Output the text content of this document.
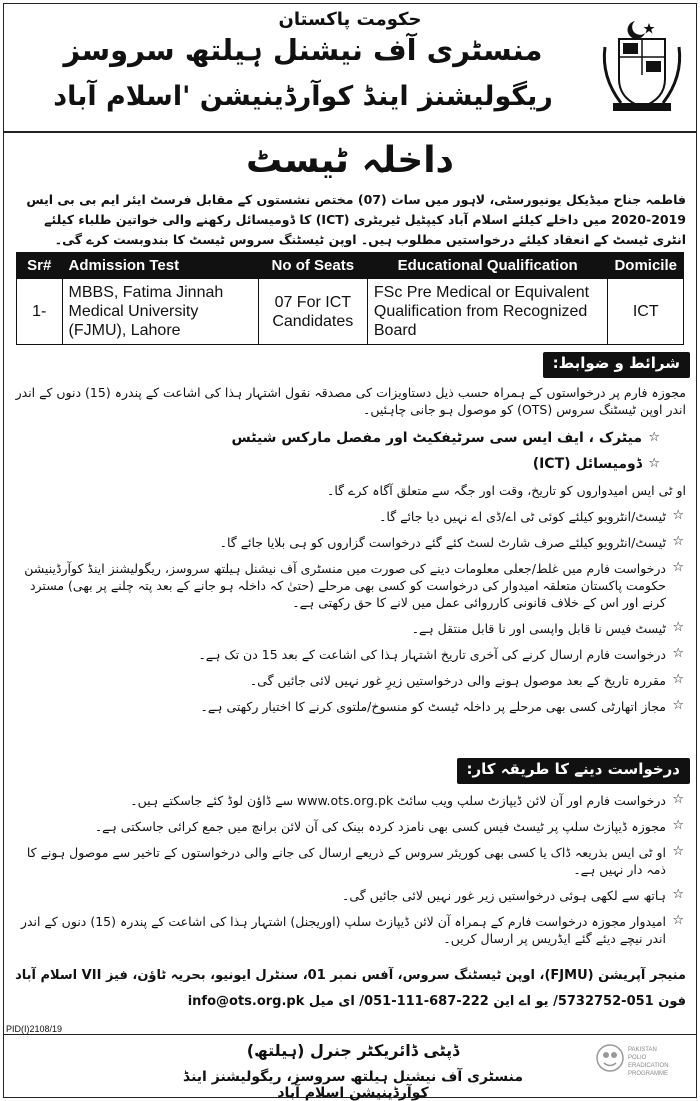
حکومت پاکستان
منسٹری آف نیشنل ہیلتھ سروسز
ریگولیشنز اینڈ کوآرڈینیشن 'اسلام آباد
داخلہ ٹیسٹ
فاطمہ جناح میڈیکل یونیورسٹی، لاہور میں سات (07) مختص نشستوں کے مقابل فرسٹ ایئر ایم بی بی ایس 2019-2020 میں داخلے کیلئے اسلام آباد کیپٹیل ٹیریٹری (ICT) کا ڈومیسائل رکھنے والی خواتین طلباء کیلئے انٹری ٹیسٹ کے انعقاد کیلئے درخواستیں مطلوب ہیں۔ اوپن ٹیسٹنگ سروس ٹیسٹ کا بندوبست کرے گی۔
Sr#	Admission Test	No of Seats	Educational Qualification	Domicile
1-	MBBS, Fatima Jinnah Medical University (FJMU), Lahore	07 For ICT Candidates	FSc Pre Medical or Equivalent Qualification from Recognized Board	ICT
شرائط و ضوابط:
مجوزہ فارم پر درخواستوں کے ہمراہ حسب ذیل دستاویزات کی مصدقہ نقول اشتہار ہذا کی اشاعت کے پندرہ (15) دنوں کے اندر اندر اوپن ٹیسٹنگ سروس (OTS) کو موصول ہو جانی چاہئیں۔
☆ میٹرک ، ایف ایس سی سرٹیفکیٹ اور مفصل مارکس شیٹس
☆ ڈومیسائل (ICT)
او ٹی ایس امیدواروں کو تاریخ، وقت اور جگہ سے متعلق آگاہ کرے گا۔
☆ ٹیسٹ/انٹرویو کیلئے کوئی ٹی اے/ڈی اے نہیں دیا جائے گا۔
☆ ٹیسٹ/انٹرویو کیلئے صرف شارٹ لسٹ کئے گئے درخواست گزاروں کو ہی بلایا جائے گا۔
☆ درخواست فارم میں غلط/جعلی معلومات دینے کی صورت میں منسٹری آف نیشنل ہیلتھ سروسز، ریگولیشنز اینڈ کوآرڈینیشن حکومت پاکستان متعلقہ امیدوار کی درخواست کو کسی بھی مرحلے (حتیٰ کہ داخلہ ہو جانے کے بعد پتہ چلنے پر بھی) مسترد کرنے اور اس کے خلاف قانونی کارروائی عمل میں لانے کا حق رکھتی ہے۔
☆ ٹیسٹ فیس نا قابل واپسی اور نا قابل منتقل ہے۔
☆ درخواست فارم ارسال کرنے کی آخری تاریخ اشتہار ہذا کی اشاعت کے بعد 15 دن تک ہے۔
☆ مقررہ تاریخ کے بعد موصول ہونے والی درخواستیں زیرِ غور نہیں لائی جائیں گی۔
☆ مجاز اتھارٹی کسی بھی مرحلے پر داخلہ ٹیسٹ کو منسوخ/ملتوی کرنے کا اختیار رکھتی ہے۔
درخواست دینے کا طریقہ کار:
☆ درخواست فارم اور آن لائن ڈیپازٹ سلپ ویب سائٹ www.ots.org.pk سے ڈاؤن لوڈ کئے جاسکتے ہیں۔
☆ مجوزہ ڈیپازٹ سلپ پر ٹیسٹ فیس کسی بھی نامزد کردہ بینک کی آن لائن برانچ میں جمع کرائی جاسکتی ہے۔
☆ او ٹی ایس بذریعہ ڈاک یا کسی بھی کوریئر سروس کے ذریعے ارسال کی جانے والی درخواستوں کے تاخیر سے موصول ہونے کا ذمہ دار نہیں ہے۔
☆ ہاتھ سے لکھی ہوئی درخواستیں زیر غور نہیں لائی جائیں گی۔
☆ امیدوار مجوزہ درخواست فارم کے ہمراہ آن لائن ڈیپازٹ سلپ (اوریجنل) اشتہار ہذا کی اشاعت کے پندرہ (15) دنوں کے اندر اندر نیچے دیئے گئے ایڈریس پر ارسال کریں۔
منیجر آپریشن (FJMU)، اوپن ٹیسٹنگ سروس، آفس نمبر 01، سنٹرل ایونیو، بحریہ ٹاؤن، فیز VII اسلام آباد
فون 051-5732752/ یو اے این 222-687-111-051/ ای میل info@ots.org.pk
PID(I)2108/19
ڈپٹی ڈائریکٹر جنرل (ہیلتھ)
منسٹری آف نیشنل ہیلتھ سروسز، ریگولیشنز اینڈ کوآرڈینیشن اسلام آباد
PAKISTAN
POLIO
ERADICATION
PROGRAMME
